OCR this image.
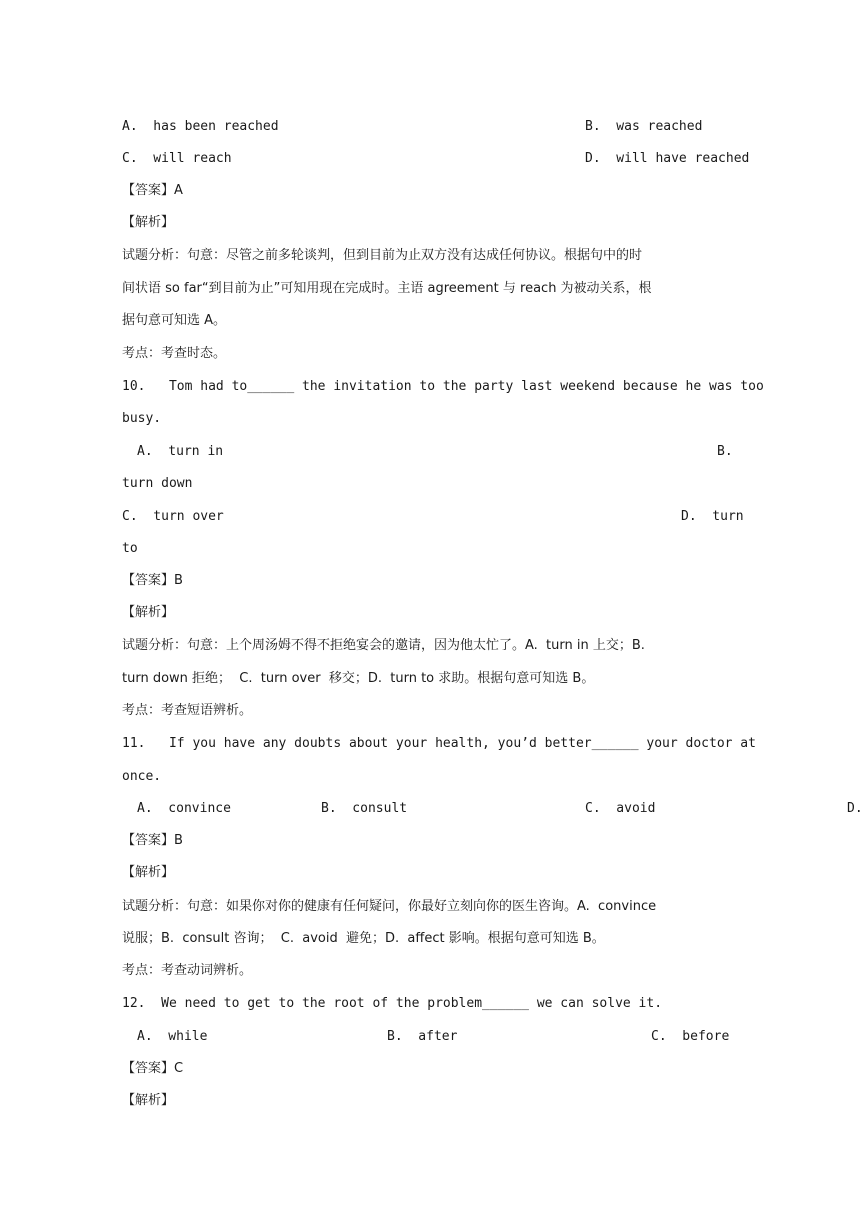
A.  has been reached	B.  was reached
C.  will reach	D.  will have reached
【答案】A
【解析】
试题分析：句意：尽管之前多轮谈判，但到目前为止双方没有达成任何协议。根据句中的时
间状语 so far“到目前为止”可知用现在完成时。主语 agreement 与 reach 为被动关系，根
据句意可知选 A。
考点：考查时态。
10.   Tom had to______ the invitation to the party last weekend because he was too
busy.
A.  turn in	B.
turn down
C.  turn over	D.  turn
to
【答案】B
【解析】
试题分析：句意：上个周汤姆不得不拒绝宴会的邀请，因为他太忙了。A.  turn in 上交；B.
turn down 拒绝；  C.  turn over  移交；D.  turn to 求助。根据句意可知选 B。
考点：考查短语辨析。
11.   If you have any doubts about your health, you’d better______ your doctor at
once.
A.  convince	B.  consult	C.  avoid	D.
【答案】B
【解析】
试题分析：句意：如果你对你的健康有任何疑问，你最好立刻向你的医生咨询。A.  convince
说服；B.  consult 咨询；  C.  avoid  避免；D.  affect 影响。根据句意可知选 B。
考点：考查动词辨析。
12.  We need to get to the root of the problem______ we can solve it.
A.  while	B.  after	C.  before
【答案】C
【解析】
